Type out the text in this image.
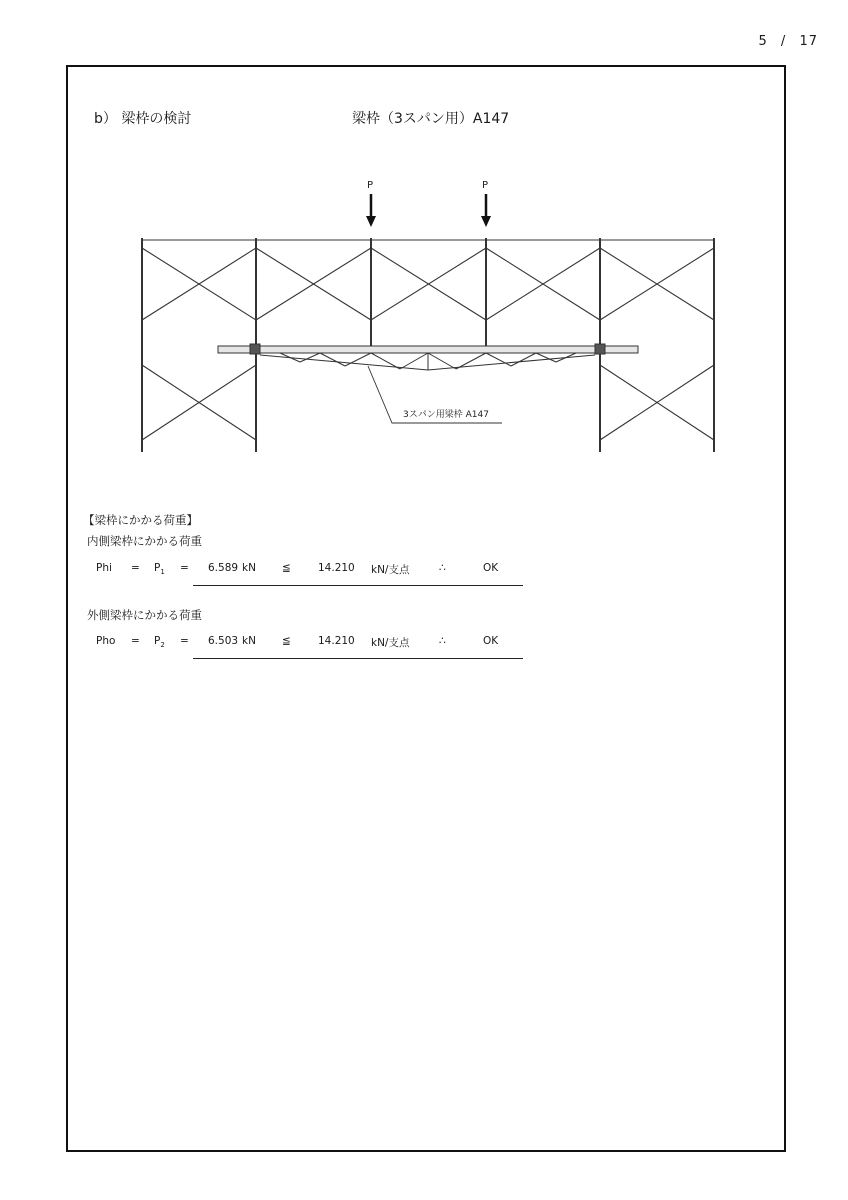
5 / 17
b） 梁枠の検討	梁枠（3スパン用）A147
P	P
3スパン用梁枠 A147
【梁枠にかかる荷重】
内側梁枠にかかる荷重
Phi = $P_1 = 6.589$ kN ≦	14.210 kN/支点	∴	OK
外側梁枠にかかる荷重
Pho = $P_2 = 6.503$ kN ≦	14.210 kN/支点	∴	OK
